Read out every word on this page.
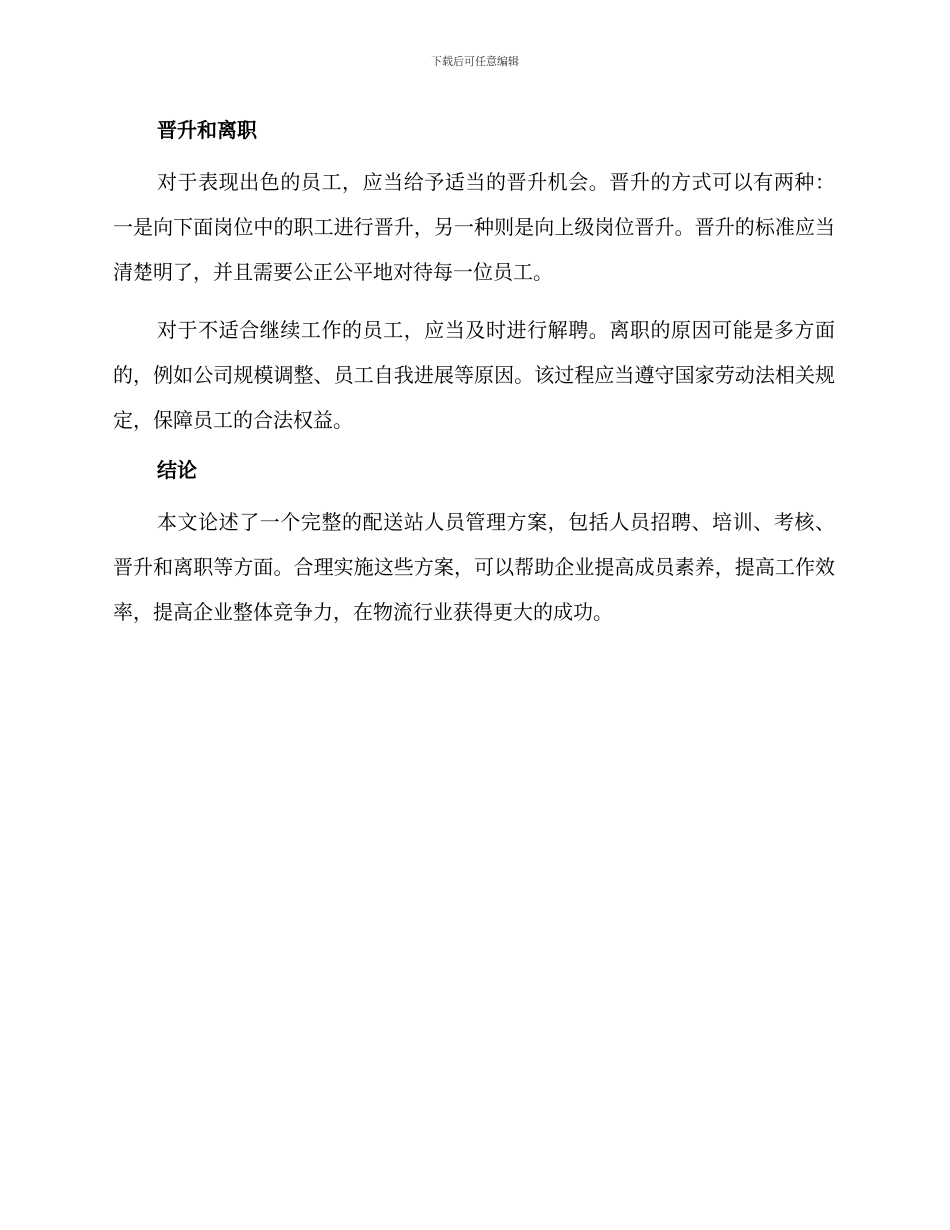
下载后可任意编辑
晋升和离职

对于表现出色的员工，应当给予适当的晋升机会。晋升的方式可以有两种：一是向下面岗位中的职工进行晋升，另一种则是向上级岗位晋升。晋升的标准应当清楚明了，并且需要公正公平地对待每一位员工。

对于不适合继续工作的员工，应当及时进行解聘。离职的原因可能是多方面的，例如公司规模调整、员工自我进展等原因。该过程应当遵守国家劳动法相关规定，保障员工的合法权益。

结论

本文论述了一个完整的配送站人员管理方案，包括人员招聘、培训、考核、晋升和离职等方面。合理实施这些方案，可以帮助企业提高成员素养，提高工作效率，提高企业整体竞争力，在物流行业获得更大的成功。
